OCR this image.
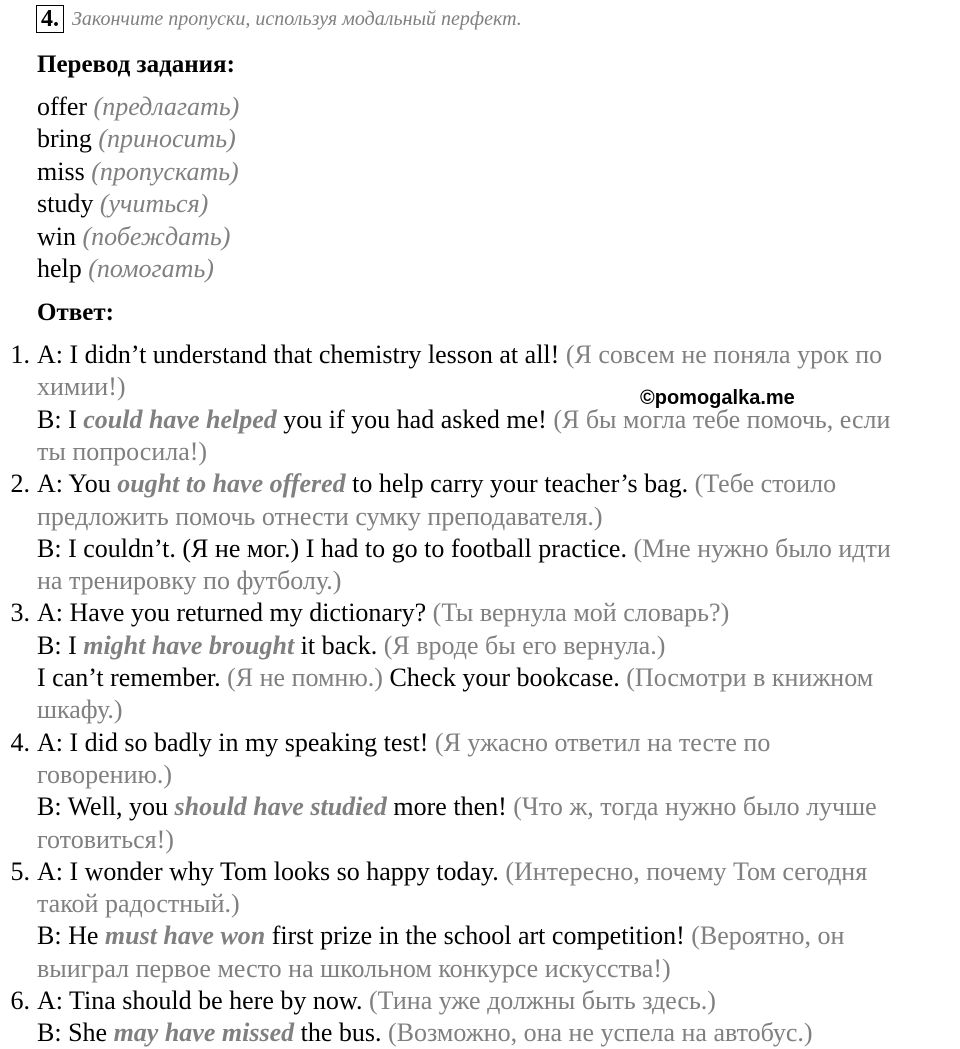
4. Закончите пропуски, используя модальный перфект.
Перевод задания:
offer (предлагать)
bring (приносить)
miss (пропускать)
study (учиться)
win (побеждать)
help (помогать)
Ответ:
1. A: I didn’t understand that chemistry lesson at all! (Я совсем не поняла урок по
химии!)
B: I could have helped you if you had asked me! (Я бы могла тебе помочь, если
ты попросила!)
2. A: You ought to have offered to help carry your teacher’s bag. (Тебе стоило
предложить помочь отнести сумку преподавателя.)
B: I couldn’t. (Я не мог.) I had to go to football practice. (Мне нужно было идти
на тренировку по футболу.)
3. A: Have you returned my dictionary? (Ты вернула мой словарь?)
B: I might have brought it back. (Я вроде бы его вернула.)
I can’t remember. (Я не помню.) Check your bookcase. (Посмотри в книжном
шкафу.)
4. A: I did so badly in my speaking test! (Я ужасно ответил на тесте по
говорению.)
B: Well, you should have studied more then! (Что ж, тогда нужно было лучше
готовиться!)
5. A: I wonder why Tom looks so happy today. (Интересно, почему Том сегодня
такой радостный.)
B: He must have won first prize in the school art competition! (Вероятно, он
выиграл первое место на школьном конкурсе искусства!)
6. A: Tina should be here by now. (Тина уже должны быть здесь.)
B: She may have missed the bus. (Возможно, она не успела на автобус.)
©pomogalka.me
